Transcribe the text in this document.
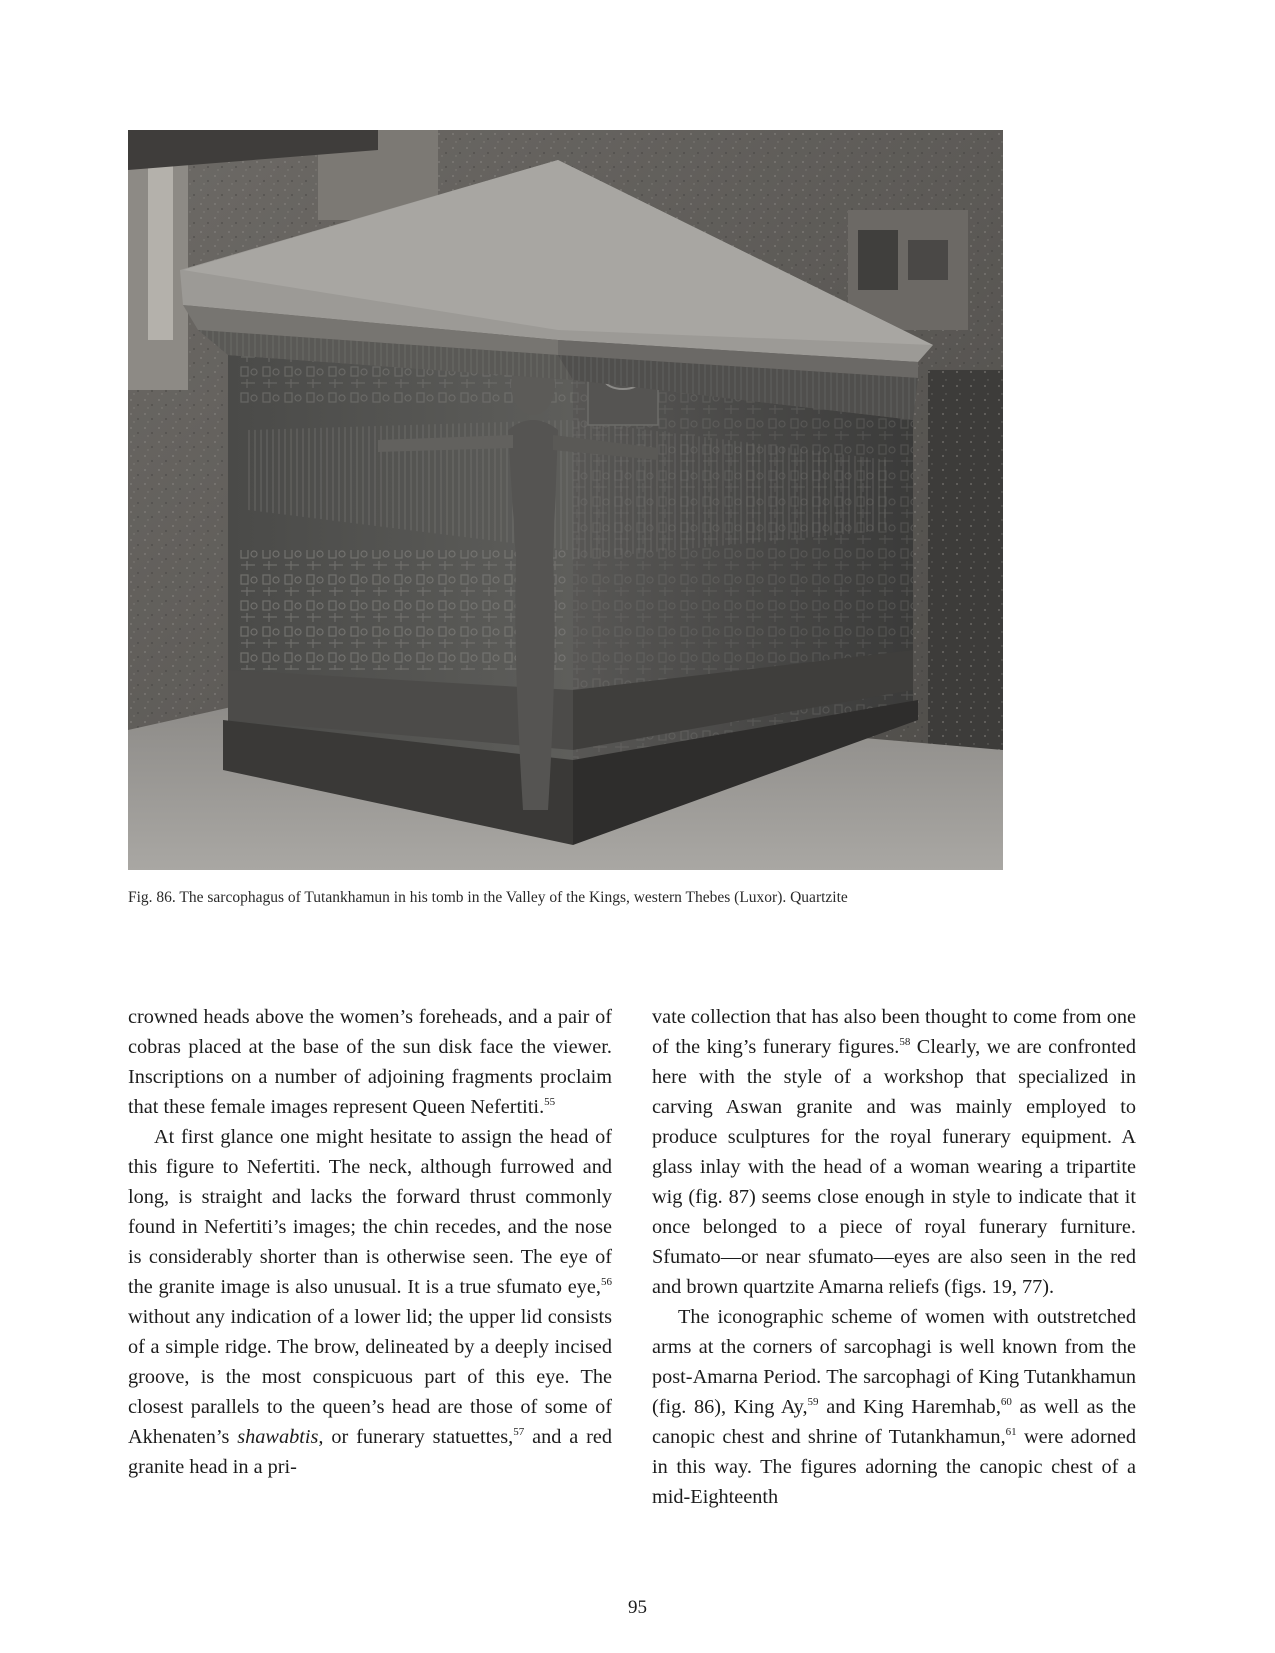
Fig. 86. The sarcophagus of Tutankhamun in his tomb in the Valley of the Kings, western Thebes (Luxor). Quartzite

crowned heads above the women’s foreheads, and a pair of cobras placed at the base of the sun disk face the viewer. Inscriptions on a number of adjoining fragments proclaim that these female images represent Queen Nefertiti.$^{55}$

At first glance one might hesitate to assign the head of this figure to Nefertiti. The neck, although furrowed and long, is straight and lacks the forward thrust commonly found in Nefertiti’s images; the chin recedes, and the nose is considerably shorter than is otherwise seen. The eye of the granite image is also unusual. It is a true sfumato eye,$^{56}$ without any indication of a lower lid; the upper lid consists of a simple ridge. The brow, delineated by a deeply incised groove, is the most conspicuous part of this eye. The closest parallels to the queen’s head are those of some of Akhenaten’s shawabtis, or funerary statuettes,$^{57}$ and a red granite head in a pri-

vate collection that has also been thought to come from one of the king’s funerary figures.$^{58}$ Clearly, we are confronted here with the style of a workshop that specialized in carving Aswan granite and was mainly employed to produce sculptures for the royal funerary equipment. A glass inlay with the head of a woman wearing a tripartite wig (fig. 87) seems close enough in style to indicate that it once belonged to a piece of royal funerary furniture. Sfumato—or near sfumato—eyes are also seen in the red and brown quartzite Amarna reliefs (figs. 19, 77).

The iconographic scheme of women with outstretched arms at the corners of sarcophagi is well known from the post-Amarna Period. The sarcophagi of King Tutankhamun (fig. 86), King Ay,$^{59}$ and King Haremhab,$^{60}$ as well as the canopic chest and shrine of Tutankhamun,$^{61}$ were adorned in this way. The figures adorning the canopic chest of a mid-Eighteenth

95
